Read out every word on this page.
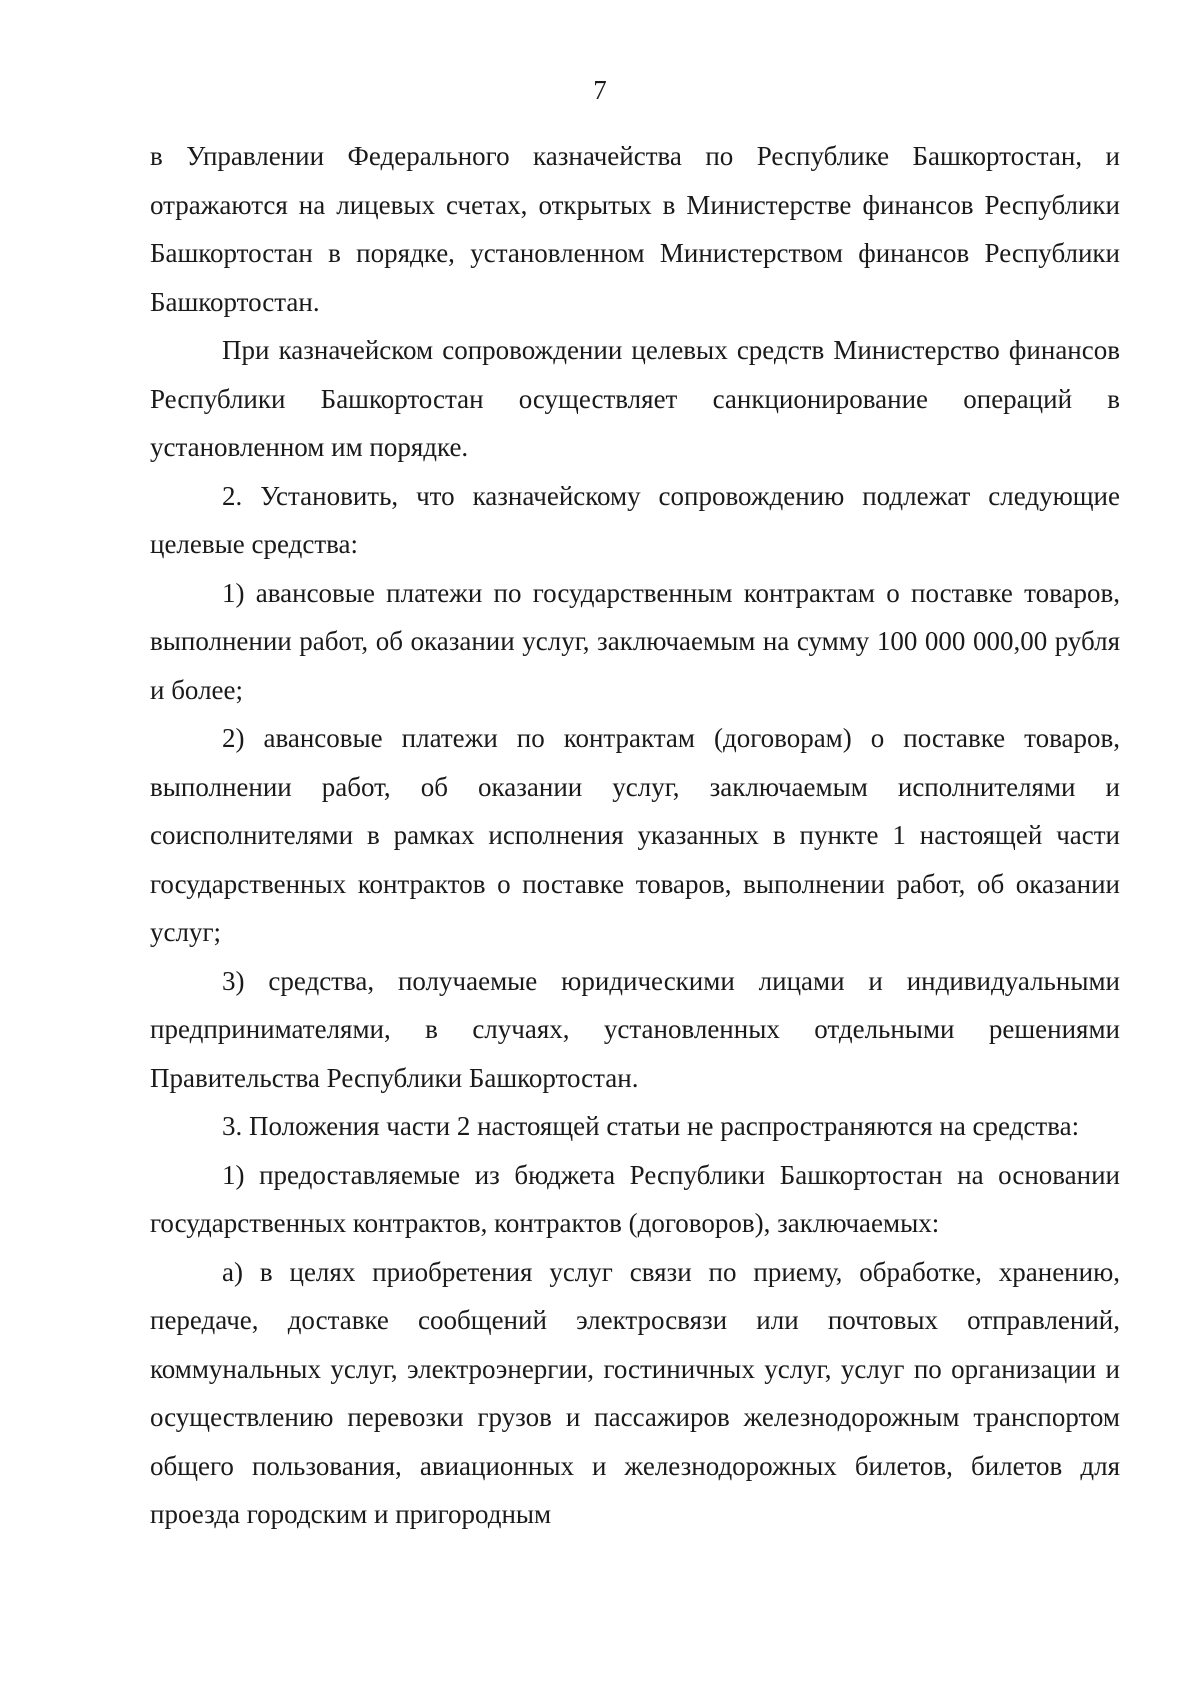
7

в Управлении Федерального казначейства по Республике Башкортостан, и отражаются на лицевых счетах, открытых в Министерстве финансов Республики Башкортостан в порядке, установленном Министерством финансов Республики Башкортостан.

При казначейском сопровождении целевых средств Министерство финансов Республики Башкортостан осуществляет санкционирование операций в установленном им порядке.

2. Установить, что казначейскому сопровождению подлежат следующие целевые средства:

1) авансовые платежи по государственным контрактам о поставке товаров, выполнении работ, об оказании услуг, заключаемым на сумму 100 000 000,00 рубля и более;

2) авансовые платежи по контрактам (договорам) о поставке товаров, выполнении работ, об оказании услуг, заключаемым исполнителями и соисполнителями в рамках исполнения указанных в пункте 1 настоящей части государственных контрактов о поставке товаров, выполнении работ, об оказании услуг;

3) средства, получаемые юридическими лицами и индивидуальными предпринимателями, в случаях, установленных отдельными решениями Правительства Республики Башкортостан.

3. Положения части 2 настоящей статьи не распространяются на средства:

1) предоставляемые из бюджета Республики Башкортостан на основании государственных контрактов, контрактов (договоров), заключаемых:

а) в целях приобретения услуг связи по приему, обработке, хранению, передаче, доставке сообщений электросвязи или почтовых отправлений, коммунальных услуг, электроэнергии, гостиничных услуг, услуг по организации и осуществлению перевозки грузов и пассажиров железнодорожным транспортом общего пользования, авиационных и железнодорожных билетов, билетов для проезда городским и пригородным
